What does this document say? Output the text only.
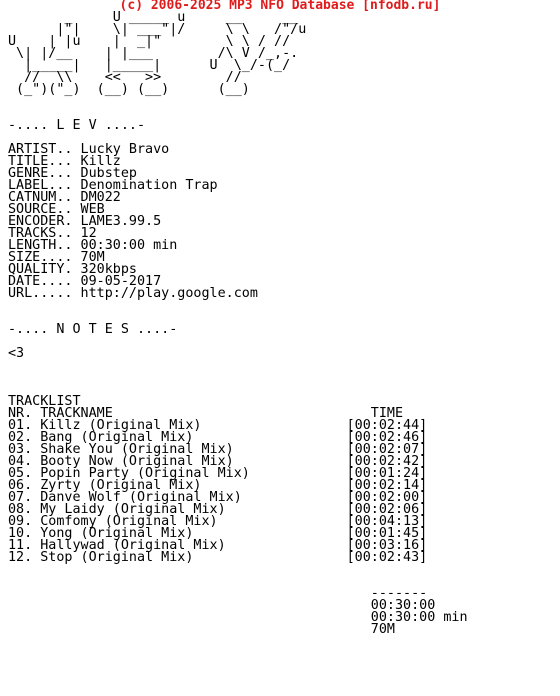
(c) 2006-2025 MP3 NFO Database [nfodb.ru]
_     U _____ u     __     __
|"|    \| ___"|/     \ \   /"/u
U    | |u    |  _|"        \ \ / //
\| |/__    | |___        /\ V /_,-.
|_____|   |_____|      U  \_/-(_/
//  \\    <<   >>        //
(_")("_)  (__) (__)      (__)

-.... L E V ....-

ARTIST.. Lucky Bravo
TITLE... Killz
GENRE... Dubstep
LABEL... Denomination Trap
CATNUM.. DM022
SOURCE.. WEB
ENCODER. LAME3.99.5
TRACKS.. 12
LENGTH.. 00:30:00 min
SIZE.... 70M
QUALITY. 320kbps
DATE.... 09-05-2017
URL..... http://play.google.com

-.... N O T E S ....-

<3

TRACKLIST
NR. TRACKNAME                                TIME
01. Killz (Original Mix)                  [00:02:44]
02. Bang (Original Mix)                   [00:02:46]
03. Shake You (Original Mix)              [00:02:07]
04. Booty Now (Original Mix)              [00:02:42]
05. Popin Party (Original Mix)            [00:01:24]
06. Zyrty (Original Mix)                  [00:02:14]
07. Danve Wolf (Original Mix)             [00:02:00]
08. My Laidy (Original Mix)               [00:02:06]
09. Comfomy (Original Mix)                [00:04:13]
10. Yong (Original Mix)                   [00:01:45]
11. Hallywad (Original Mix)               [00:03:16]
12. Stop (Original Mix)                   [00:02:43]

-------
00:30:00
00:30:00 min
70M
